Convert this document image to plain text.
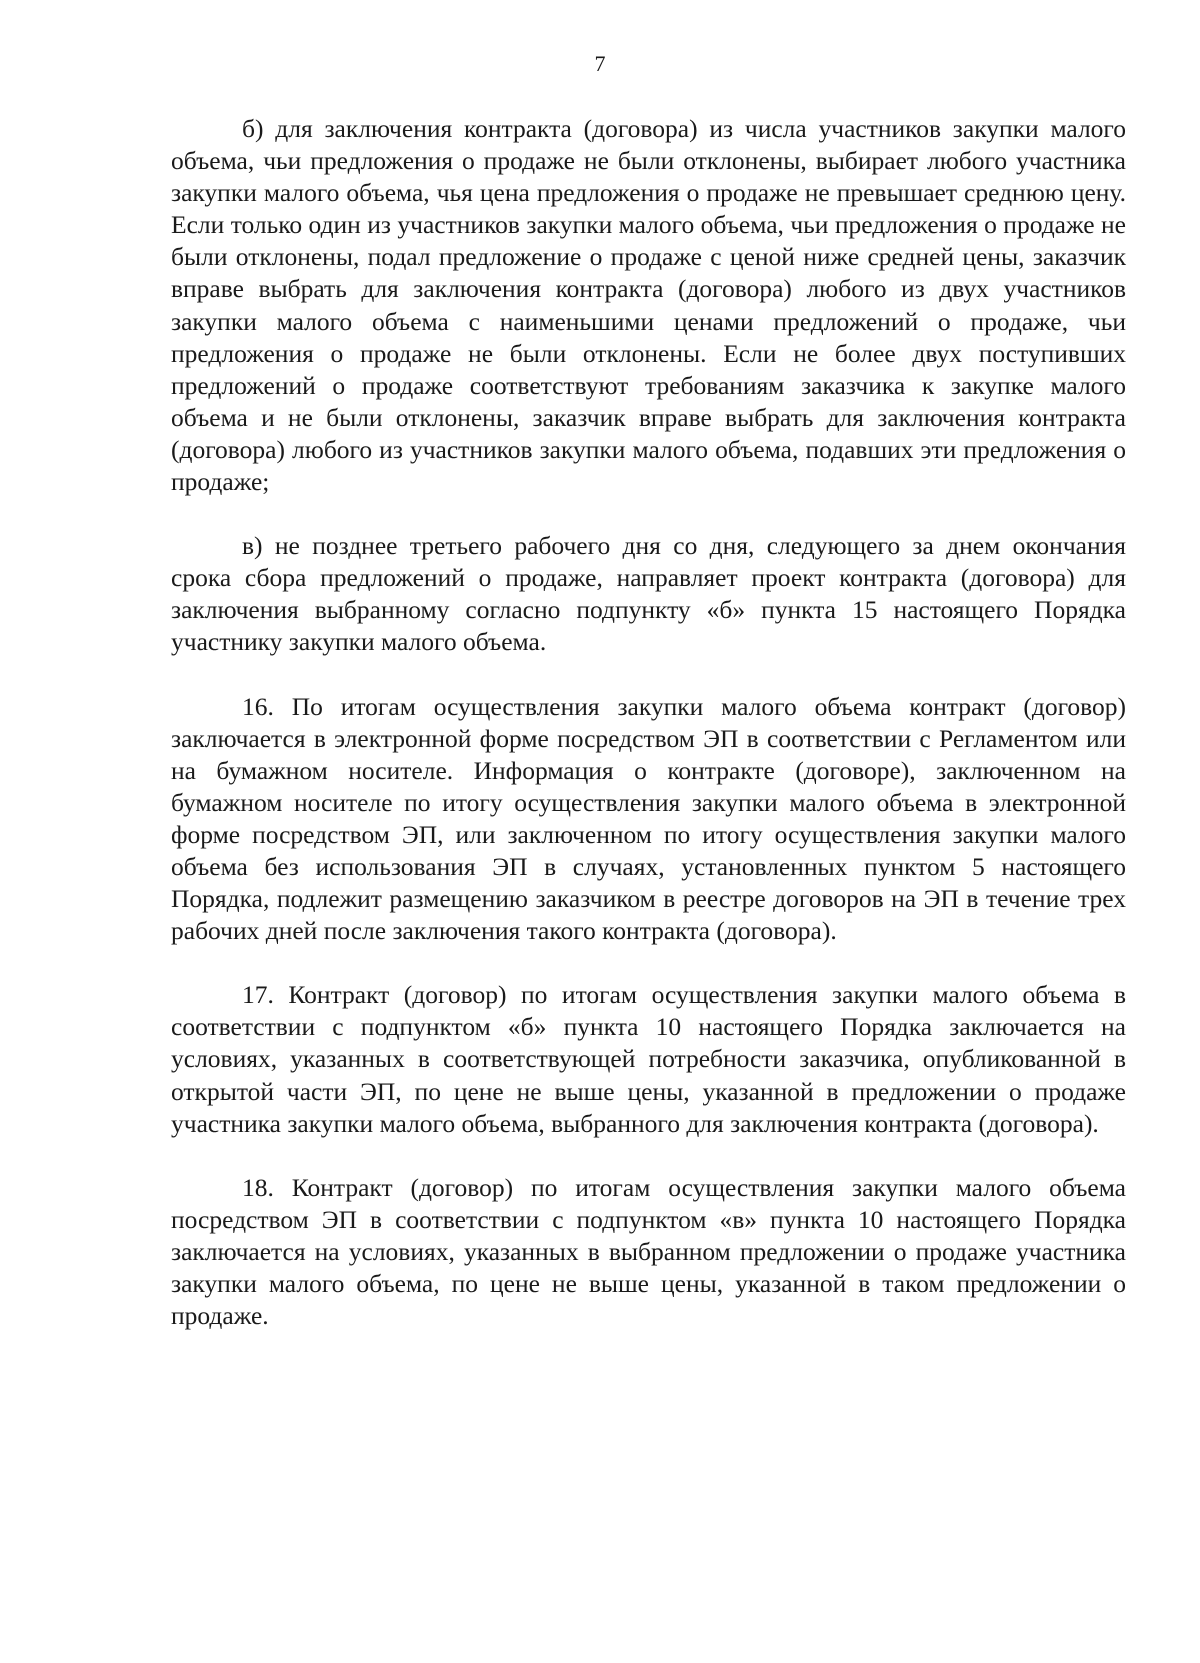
7

б) для заключения контракта (договора) из числа участников закупки малого объема, чьи предложения о продаже не были отклонены, выбирает любого участника закупки малого объема, чья цена предложения о продаже не превышает среднюю цену. Если только один из участников закупки малого объема, чьи предложения о продаже не были отклонены, подал предложение о продаже с ценой ниже средней цены, заказчик вправе выбрать для заключения контракта (договора) любого из двух участников закупки малого объема с наименьшими ценами предложений о продаже, чьи предложения о продаже не были отклонены. Если не более двух поступивших предложений о продаже соответствуют требованиям заказчика к закупке малого объема и не были отклонены, заказчик вправе выбрать для заключения контракта (договора) любого из участников закупки малого объема, подавших эти предложения о продаже;

в) не позднее третьего рабочего дня со дня, следующего за днем окончания срока сбора предложений о продаже, направляет проект контракта (договора) для заключения выбранному согласно подпункту «б» пункта 15 настоящего Порядка участнику закупки малого объема.

16. По итогам осуществления закупки малого объема контракт (договор) заключается в электронной форме посредством ЭП в соответствии с Регламентом или на бумажном носителе. Информация о контракте (договоре), заключенном на бумажном носителе по итогу осуществления закупки малого объема в электронной форме посредством ЭП, или заключенном по итогу осуществления закупки малого объема без использования ЭП в случаях, установленных пунктом 5 настоящего Порядка, подлежит размещению заказчиком в реестре договоров на ЭП в течение трех рабочих дней после заключения такого контракта (договора).

17. Контракт (договор) по итогам осуществления закупки малого объема в соответствии с подпунктом «б» пункта 10 настоящего Порядка заключается на условиях, указанных в соответствующей потребности заказчика, опубликованной в открытой части ЭП, по цене не выше цены, указанной в предложении о продаже участника закупки малого объема, выбранного для заключения контракта (договора).

18. Контракт (договор) по итогам осуществления закупки малого объема посредством ЭП в соответствии с подпунктом «в» пункта 10 настоящего Порядка заключается на условиях, указанных в выбранном предложении о продаже участника закупки малого объема, по цене не выше цены, указанной в таком предложении о продаже.
